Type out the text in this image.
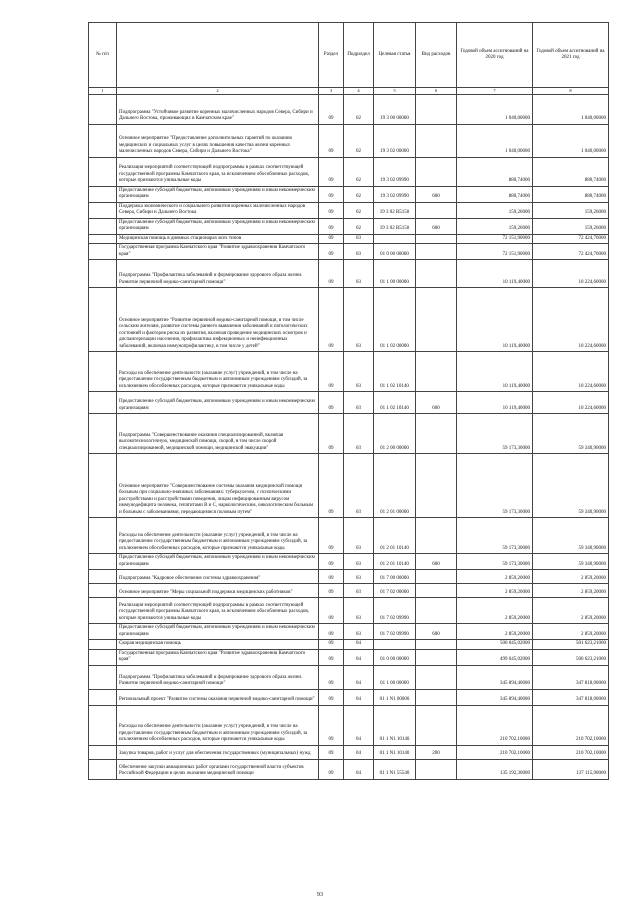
№ п/п		Раздел	Подраздел	Целевая статья	Вид расходов	Годовой объем ассигнований на 2020 год	Годовой объем ассигнований на 2021 год
1	2	3	4	5	6	7	8
	Подпрограмма "Устойчивое развитие коренных малочисленных народов Севера, Сибири и Дальнего Востока, проживающих в Камчатском крае"	09	02	19 3 00 00000		1 040,00000	1 040,00000
	Основное мероприятие "Предоставление дополнительных гарантий по оказанию медицинских и социальных услуг в целях повышения качества жизни коренных малочисленных народов Севера, Сибири и Дальнего Востока"	09	02	19 3 02 00000		1 040,00000	1 040,00000
	Реализация мероприятий соответствующей подпрограммы в рамках соответствующей государственной программы Камчатского края, за исключением обособленных расходов, которые признаются уникальные коды	09	02	19 3 02 09990		880,74000	880,74000
	Предоставление субсидий бюджетным, автономным учреждениям и иным некоммерческим организациям	09	02	19 3 02 09990	600	880,74000	880,74000
	Поддержка экономического и социального развития коренных малочисленных народов Севера, Сибири и Дальнего Востока	09	02	19 3 02 R5150		159,26000	159,26000
	Предоставление субсидий бюджетным, автономным учреждениям и иным некоммерческим организациям	09	02	19 3 02 R5150	600	159,26000	159,26000
	Медицинская помощь в дневных стационарах всех типов	09	03			72 151,90000	72 424,70000
	Государственная программа Камчатского края "Развитие здравоохранения Камчатского края"	09	03	01 0 00 00000		72 151,90000	72 424,70000
	Подпрограмма "Профилактика заболеваний и формирование здорового образа жизни. Развитие первичной медико-санитарной помощи"	09	03	01 1 00 00000		10 119,40000	10 224,60000
	Основное мероприятие "Развитие первичной медико-санитарной помощи, в том числе сельским жителям, развитие системы раннего выявления заболеваний и патологических состояний и факторов риска их развития, включая проведение медицинских осмотров и диспансеризации населения, профилактика инфекционных и неинфекционных заболеваний, включая иммунопрофилактику, в том числе у детей"	09	03	01 1 02 00000		10 119,40000	10 224,60000
	Расходы на обеспечение деятельности (оказание услуг) учреждений, в том числе на предоставление государственным бюджетным и автономным учреждениям субсидий, за исключением обособленных расходов, которые признаются уникальные коды	09	03	01 1 02 10140		10 119,40000	10 224,60000
	Предоставление субсидий бюджетным, автономным учреждениям и иным некоммерческим организациям	09	03	01 1 02 10140	600	10 119,40000	10 224,60000
	Подпрограмма "Совершенствование оказания специализированной, включая высокотехнологичную, медицинской помощи, скорой, в том числе скорой специализированной, медицинской помощи, медицинской эвакуации"	09	03	01 2 00 00000		59 173,30000	59 340,90000
	Основное мероприятие "Совершенствование системы оказания медицинской помощи больным при социально-значимых заболеваниях: туберкулезом, с психическими расстройствами и расстройствами поведения, лицам инфицированным вирусом иммунодефицита человека, гепатитами B и C, наркологическим, онкологическим больным и больным с заболеваниями, передающимися половым путем"	09	03	01 2 01 00000		59 173,30000	59 340,90000
	Расходы на обеспечение деятельности (оказание услуг) учреждений, в том числе на предоставление государственным бюджетным и автономным учреждениям субсидий, за исключением обособленных расходов, которые признаются уникальные коды	09	03	01 2 01 10140		59 173,30000	59 340,90000
	Предоставление субсидий бюджетным, автономным учреждениям и иным некоммерческим организациям	09	03	01 2 01 10140	600	59 173,30000	59 340,90000
	Подпрограмма "Кадровое обеспечение системы здравоохранения"	09	03	01 7 00 00000		2 859,20000	2 859,20000
	Основное мероприятие "Меры социальной поддержки медицинских работников"	09	03	01 7 02 00000		2 859,20000	2 859,20000
	Реализация мероприятий соответствующей подпрограммы в рамках соответствующей государственной программы Камчатского края, за исключением обособленных расходов, которые признаются уникальные коды	09	03	01 7 02 09990		2 859,20000	2 859,20000
	Предоставление субсидий бюджетным, автономным учреждениям и иным некоммерческим организациям	09	03	01 7 02 09990	600	2 859,20000	2 859,20000
	Скорая медицинская помощь	09	04			500 045,02000	501 623,21000
	Государственная программа Камчатского края "Развитие здравоохранения Камчатского края"	09	04	01 0 00 00000		499 045,02000	500 623,21000
	Подпрограмма "Профилактика заболеваний и формирование здорового образа жизни. Развитие первичной медико-санитарной помощи"	09	04	01 1 00 00000		345 894,40000	347 818,00000
	Региональный проект "Развитие системы оказания первичной медико-санитарной помощи"	09	04	01 1 N1 00000		345 894,40000	347 818,00000
	Расходы на обеспечение деятельности (оказание услуг) учреждений, в том числе на предоставление государственным бюджетным и автономным учреждениям субсидий, за исключением обособленных расходов, которые признаются уникальные коды	09	04	01 1 N1 10140		210 702,10000	210 702,10000
	Закупка товаров, работ и услуг для обеспечения государственных (муниципальных) нужд	09	04	01 1 N1 10140	200	210 702,10000	210 702,10000
	Обеспечение закупки авиационных работ органами государственной власти субъектов Российской Федерации в целях оказания медицинской помощи	09	04	01 1 N1 55540		135 192,30000	137 115,90000
93
